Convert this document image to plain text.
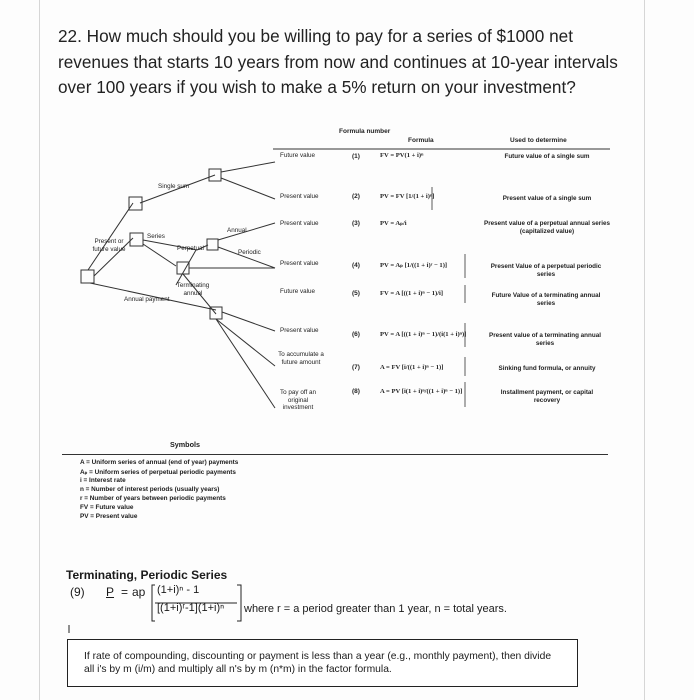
22. How much should you be willing to pay for a series of $1000 net revenues that starts 10 years from now and continues at 10-year intervals over 100 years if you wish to make a 5% return on your investment?
Formula number
Formula	Used to determine
Single sum
Present or future value
Series
Perpetual
Annual
Periodic
Terminating annual
Annual payment
Future value
Present value
Present value
Present value
Future value
Present value
To accumulate a future amount
To pay off an original investment
(1)
(2)
(3)
(4)
(5)
(6)
(7)
(8)
FV = PV(1 + i)ⁿ
PV = FV [1/(1 + i)ⁿ]
PV = Aₚ/i
PV = Aₚ [1/((1 + i)ʳ − 1)]
FV = A [((1 + i)ⁿ − 1)/i]
PV = A [((1 + i)ⁿ − 1)/(i(1 + i)ⁿ)]
A = FV [i/((1 + i)ⁿ − 1)]
A = PV [i(1 + i)ⁿ/((1 + i)ⁿ − 1)]
Future value of a single sum
Present value of a single sum
Present value of a perpetual annual series (capitalized value)
Present Value of a perpetual periodic series
Future Value of a terminating annual series
Present value of a terminating annual series
Sinking fund formula, or annuity
Installment payment, or capital recovery
Symbols
A = Uniform series of annual (end of year) payments
Aₚ = Uniform series of perpetual periodic payments
i = Interest rate
n = Number of interest periods (usually years)
r = Number of years between periodic payments
FV = Future value
PV = Present value
Terminating, Periodic Series
(9) P = ap (1+i)ⁿ - 1
[(1+i)ʳ-1](1+i)ⁿ where r = a period greater than 1 year, n = total years.
If rate of compounding, discounting or payment is less than a year (e.g., monthly payment), then divide all i's by m (i/m) and multiply all n's by m (n*m) in the factor formula.
